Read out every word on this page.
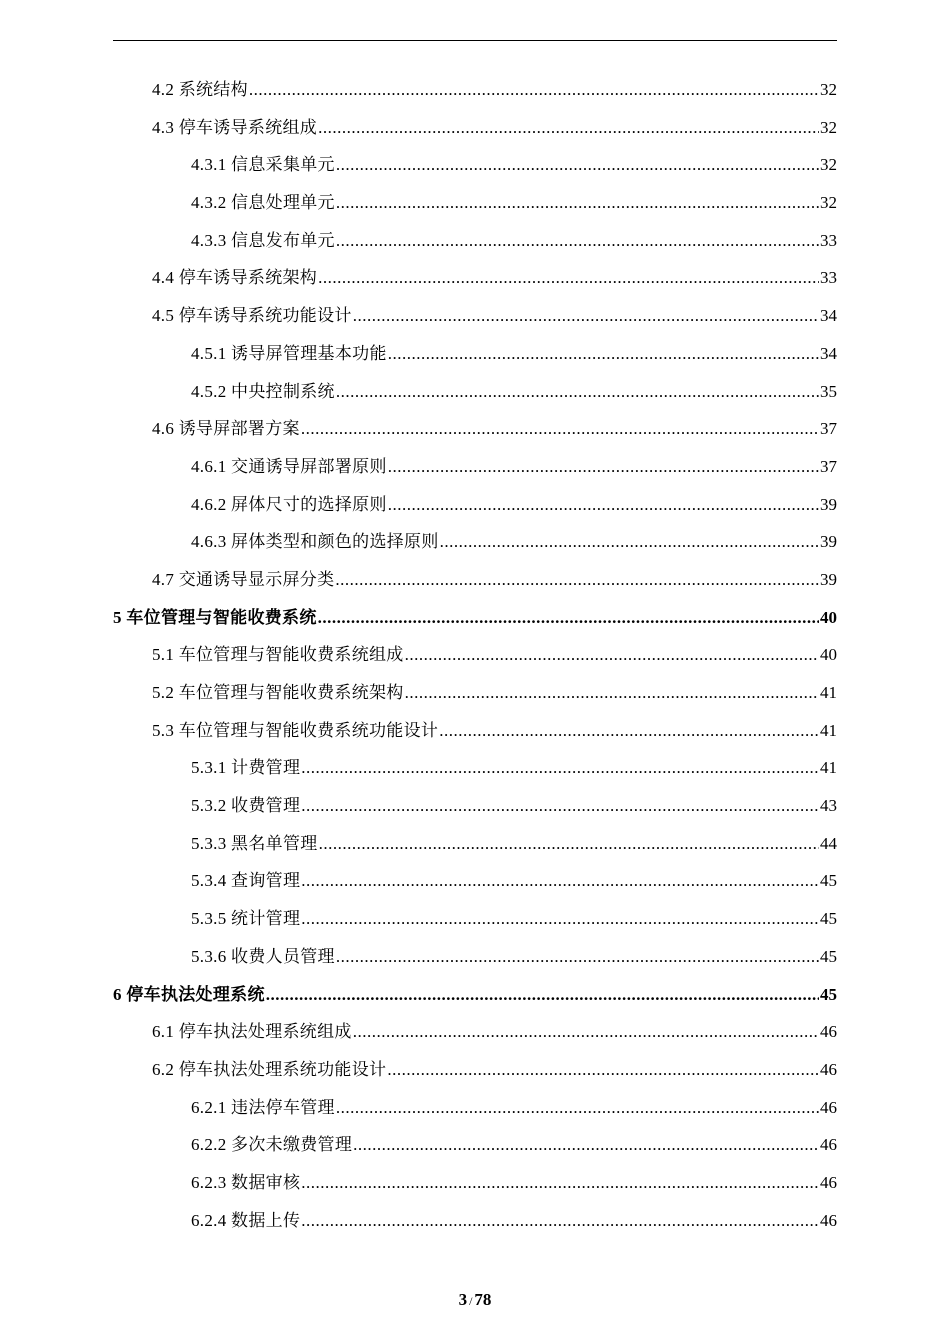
4.2 系统结构 .....	32
4.3 停车诱导系统组成 .....	32
4.3.1 信息采集单元 .....	32
4.3.2 信息处理单元 .....	32
4.3.3 信息发布单元 .....	33
4.4 停车诱导系统架构 .....	33
4.5 停车诱导系统功能设计 .....	34
4.5.1 诱导屏管理基本功能 .....	34
4.5.2 中央控制系统 .....	35
4.6 诱导屏部署方案 .....	37
4.6.1 交通诱导屏部署原则 .....	37
4.6.2 屏体尺寸的选择原则 .....	39
4.6.3 屏体类型和颜色的选择原则 .....	39
4.7 交通诱导显示屏分类 .....	39
5 车位管理与智能收费系统 .....	40
5.1 车位管理与智能收费系统组成 .....	40
5.2 车位管理与智能收费系统架构 .....	41
5.3 车位管理与智能收费系统功能设计 .....	41
5.3.1 计费管理 .....	41
5.3.2 收费管理 .....	43
5.3.3 黑名单管理 .....	44
5.3.4 查询管理 .....	45
5.3.5 统计管理 .....	45
5.3.6 收费人员管理 .....	45
6 停车执法处理系统 .....	45
6.1 停车执法处理系统组成 .....	46
6.2 停车执法处理系统功能设计 .....	46
6.2.1 违法停车管理 .....	46
6.2.2 多次未缴费管理 .....	46
6.2.3 数据审核 .....	46
6.2.4 数据上传 .....	46
3 / 78
